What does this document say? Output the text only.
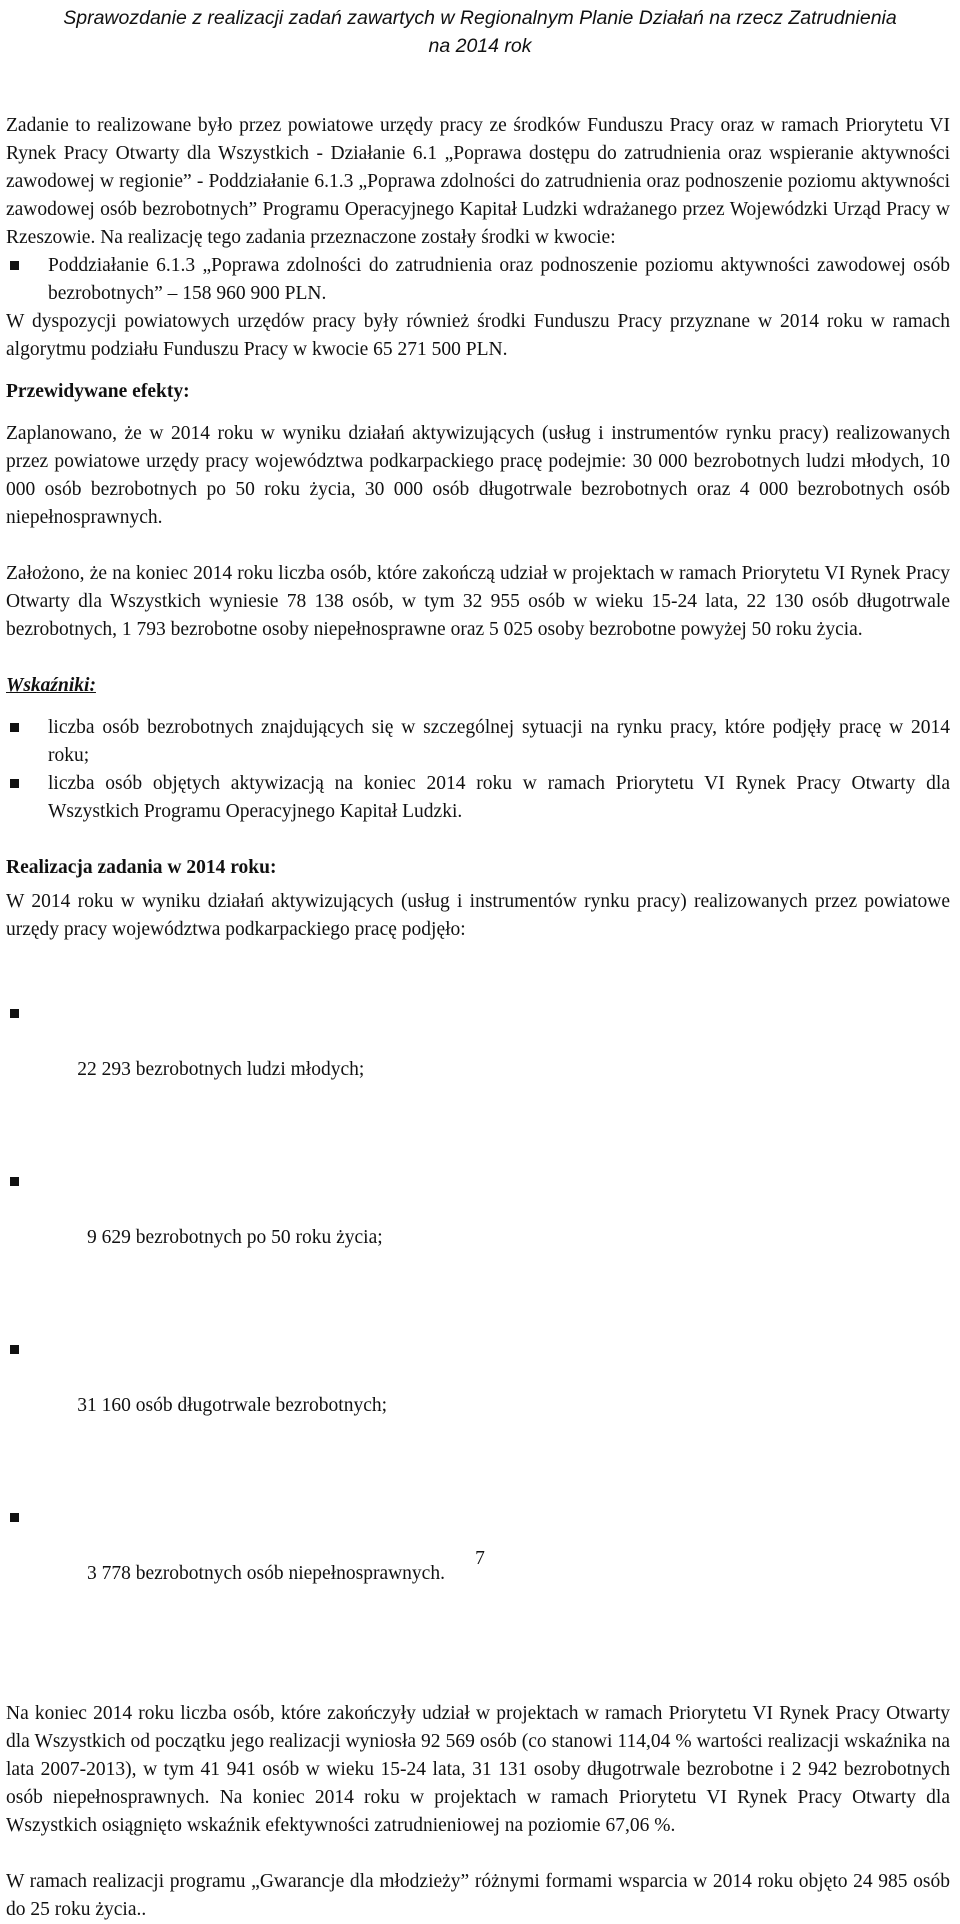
Sprawozdanie z realizacji zadań zawartych w Regionalnym Planie Działań na rzecz Zatrudnienia
na 2014 rok

Zadanie to realizowane było przez powiatowe urzędy pracy ze środków Funduszu Pracy oraz w ramach Priorytetu VI Rynek Pracy Otwarty dla Wszystkich - Działanie 6.1 „Poprawa dostępu do zatrudnienia oraz wspieranie aktywności zawodowej w regionie” - Poddziałanie 6.1.3 „Poprawa zdolności do zatrudnienia oraz podnoszenie poziomu aktywności zawodowej osób bezrobotnych” Programu Operacyjnego Kapitał Ludzki wdrażanego przez Wojewódzki Urząd Pracy w Rzeszowie. Na realizację tego zadania przeznaczone zostały środki w kwocie:

Poddziałanie 6.1.3 „Poprawa zdolności do zatrudnienia oraz podnoszenie poziomu aktywności zawodowej osób bezrobotnych” – 158 960 900 PLN.

W dyspozycji powiatowych urzędów pracy były również środki Funduszu Pracy przyznane w 2014 roku w ramach algorytmu podziału Funduszu Pracy w kwocie 65 271 500 PLN.

Przewidywane efekty:

Zaplanowano, że w 2014 roku w wyniku działań aktywizujących (usług i instrumentów rynku pracy) realizowanych przez powiatowe urzędy pracy województwa podkarpackiego pracę podejmie: 30 000 bezrobotnych ludzi młodych, 10 000 osób bezrobotnych po 50 roku życia, 30 000 osób długotrwale bezrobotnych oraz 4 000 bezrobotnych osób niepełnosprawnych.

Założono, że na koniec 2014 roku liczba osób, które zakończą udział w projektach w ramach Priorytetu VI Rynek Pracy Otwarty dla Wszystkich wyniesie 78 138 osób, w tym 32 955 osób w wieku 15-24 lata, 22 130 osób długotrwale bezrobotnych, 1 793 bezrobotne osoby niepełnosprawne oraz 5 025 osoby bezrobotne powyżej 50 roku życia.

Wskaźniki:

liczba osób bezrobotnych znajdujących się w szczególnej sytuacji na rynku pracy, które podjęły pracę w 2014 roku;
liczba osób objętych aktywizacją na koniec 2014 roku w ramach Priorytetu VI Rynek Pracy Otwarty dla Wszystkich Programu Operacyjnego Kapitał Ludzki.

Realizacja zadania w 2014 roku:

W 2014 roku w wyniku działań aktywizujących (usług i instrumentów rynku pracy) realizowanych przez powiatowe urzędy pracy województwa podkarpackiego pracę podjęło:

22 293 bezrobotnych ludzi młodych;

9 629 bezrobotnych po 50 roku życia;

31 160 osób długotrwale bezrobotnych;

3 778 bezrobotnych osób niepełnosprawnych.

Na koniec 2014 roku liczba osób, które zakończyły udział w projektach w ramach Priorytetu VI Rynek Pracy Otwarty dla Wszystkich od początku jego realizacji wyniosła 92 569 osób (co stanowi 114,04 % wartości realizacji wskaźnika na lata 2007-2013), w tym 41 941 osób w wieku 15-24 lata, 31 131 osoby długotrwale bezrobotne i 2 942 bezrobotnych osób niepełnosprawnych. Na koniec 2014 roku w projektach w ramach Priorytetu VI Rynek Pracy Otwarty dla Wszystkich osiągnięto wskaźnik efektywności zatrudnieniowej na poziomie 67,06 %.

W ramach realizacji programu „Gwarancje dla młodzieży” różnymi formami wsparcia w 2014 roku objęto 24 985 osób do 25 roku życia..

7
